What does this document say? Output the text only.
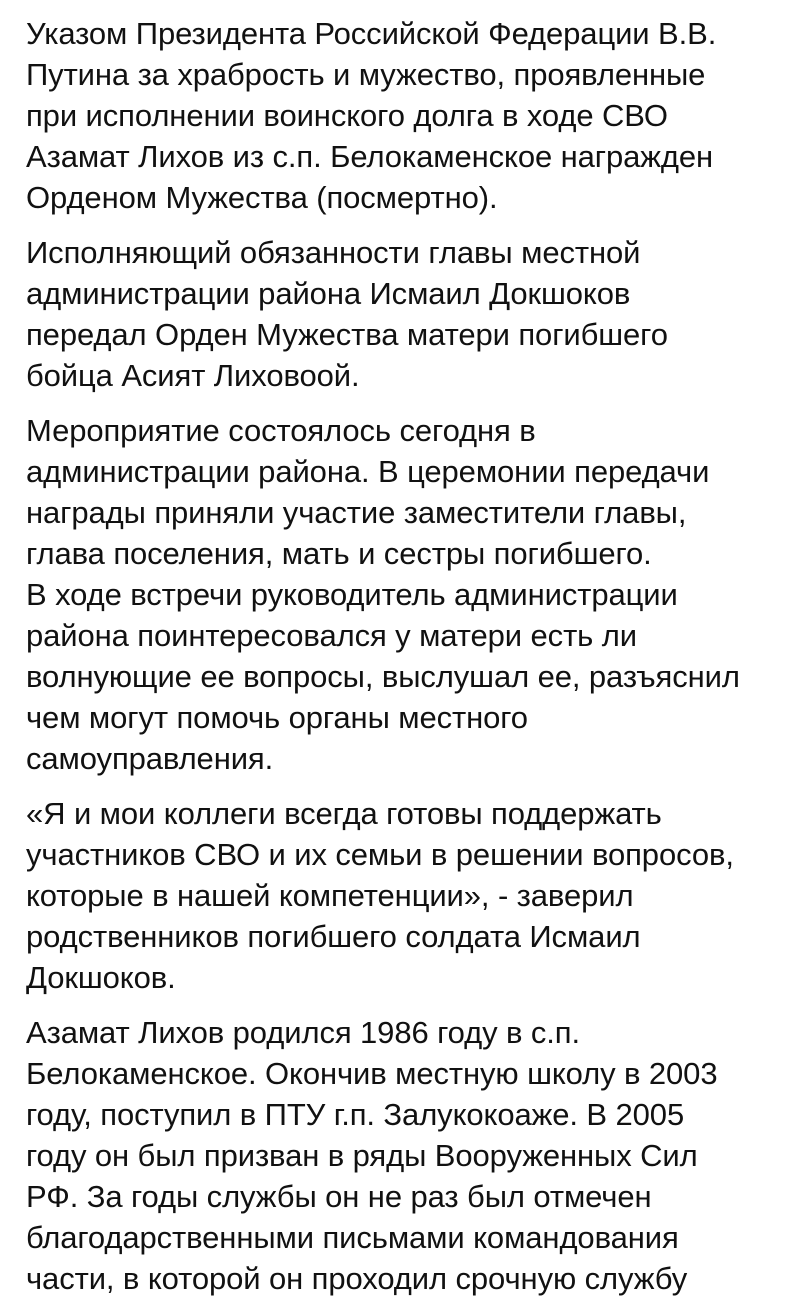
Указом Президента Российской Федерации В.В.
Путина за храбрость и мужество, проявленные
при исполнении воинского долга в ходе СВО
Азамат Лихов из с.п. Белокаменское награжден
Орденом Мужества (посмертно).
Исполняющий обязанности главы местной
администрации района Исмаил Докшоков
передал Орден Мужества матери погибшего
бойца Асият Лиховоой.
Мероприятие состоялось сегодня в
администрации района. В церемонии передачи
награды приняли участие заместители главы,
глава поселения, мать и сестры погибшего.
В ходе встречи руководитель администрации
района поинтересовался у матери есть ли
волнующие ее вопросы, выслушал ее, разъяснил
чем могут помочь органы местного
самоуправления.
«Я и мои коллеги всегда готовы поддержать
участников СВО и их семьи в решении вопросов,
которые в нашей компетенции», - заверил
родственников погибшего солдата Исмаил
Докшоков.
Азамат Лихов родился 1986 году в с.п.
Белокаменское. Окончив местную школу в 2003
году, поступил в ПТУ г.п. Залукокоаже. В 2005
году он был призван в ряды Вооруженных Сил
РФ. За годы службы он не раз был отмечен
благодарственными письмами командования
части, в которой он проходил срочную службу
